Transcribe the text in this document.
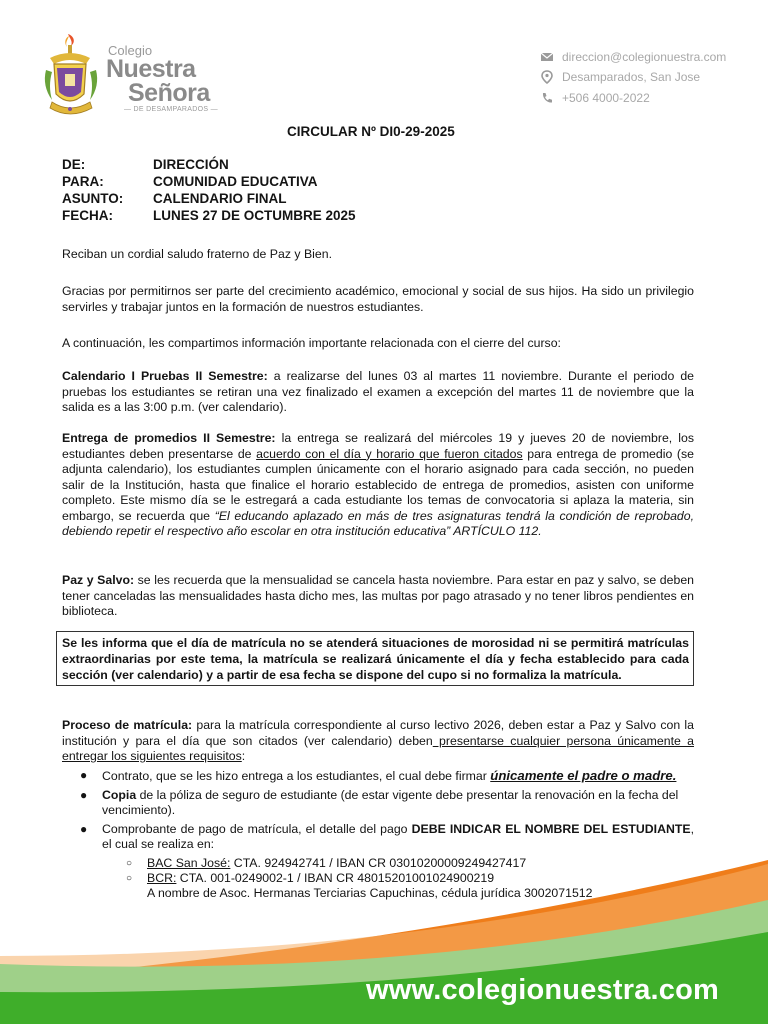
Colegio
Nuestra
Señora
— DE DESAMPARADOS —
direccion@colegionuestra.com
Desamparados, San Jose
+506 4000-2022
CIRCULAR Nº DI0-29-2025
DE:	DIRECCIÓN
PARA:	COMUNIDAD EDUCATIVA
ASUNTO:	CALENDARIO FINAL
FECHA:	LUNES 27 DE OCTUMBRE 2025
Reciban un cordial saludo fraterno de Paz y Bien.
Gracias por permitirnos ser parte del crecimiento académico, emocional y social de sus hijos. Ha sido un privilegio servirles y trabajar juntos en la formación de nuestros estudiantes.
A continuación, les compartimos información importante relacionada con el cierre del curso:
Calendario I Pruebas II Semestre: a realizarse del lunes 03 al martes 11 noviembre. Durante el periodo de pruebas los estudiantes se retiran una vez finalizado el examen a excepción del martes 11 de noviembre que la salida es a las 3:00 p.m. (ver calendario).
Entrega de promedios II Semestre: la entrega se realizará del miércoles 19 y jueves 20 de noviembre, los estudiantes deben presentarse de acuerdo con el día y horario que fueron citados para entrega de promedio (se adjunta calendario), los estudiantes cumplen únicamente con el horario asignado para cada sección, no pueden salir de la Institución, hasta que finalice el horario establecido de entrega de promedios, asisten con uniforme completo. Este mismo día se le estregará a cada estudiante los temas de convocatoria si aplaza la materia, sin embargo, se recuerda que “El educando aplazado en más de tres asignaturas tendrá la condición de reprobado, debiendo repetir el respectivo año escolar en otra institución educativa” ARTÍCULO 112.
Paz y Salvo: se les recuerda que la mensualidad se cancela hasta noviembre. Para estar en paz y salvo, se deben tener canceladas las mensualidades hasta dicho mes, las multas por pago atrasado y no tener libros pendientes en biblioteca.
Se les informa que el día de matrícula no se atenderá situaciones de morosidad ni se permitirá matrículas extraordinarias por este tema, la matrícula se realizará únicamente el día y fecha establecido para cada sección (ver calendario) y a partir de esa fecha se dispone del cupo si no formaliza la matrícula.
Proceso de matrícula: para la matrícula correspondiente al curso lectivo 2026, deben estar a Paz y Salvo con la institución y para el día que son citados (ver calendario) deben presentarse cualquier persona únicamente a entregar los siguientes requisitos:
●	Contrato, que se les hizo entrega a los estudiantes, el cual debe firmar únicamente el padre o madre.
●	Copia de la póliza de seguro de estudiante (de estar vigente debe presentar la renovación en la fecha del vencimiento).
●	Comprobante de pago de matrícula, el detalle del pago DEBE INDICAR EL NOMBRE DEL ESTUDIANTE, el cual se realiza en:
○	BAC San José: CTA. 924942741 / IBAN CR 03010200009249427417
○	BCR: CTA. 001-0249002-1 / IBAN CR 48015201001024900219
A nombre de Asoc. Hermanas Terciarias Capuchinas, cédula jurídica 3002071512
www.colegionuestra.com
